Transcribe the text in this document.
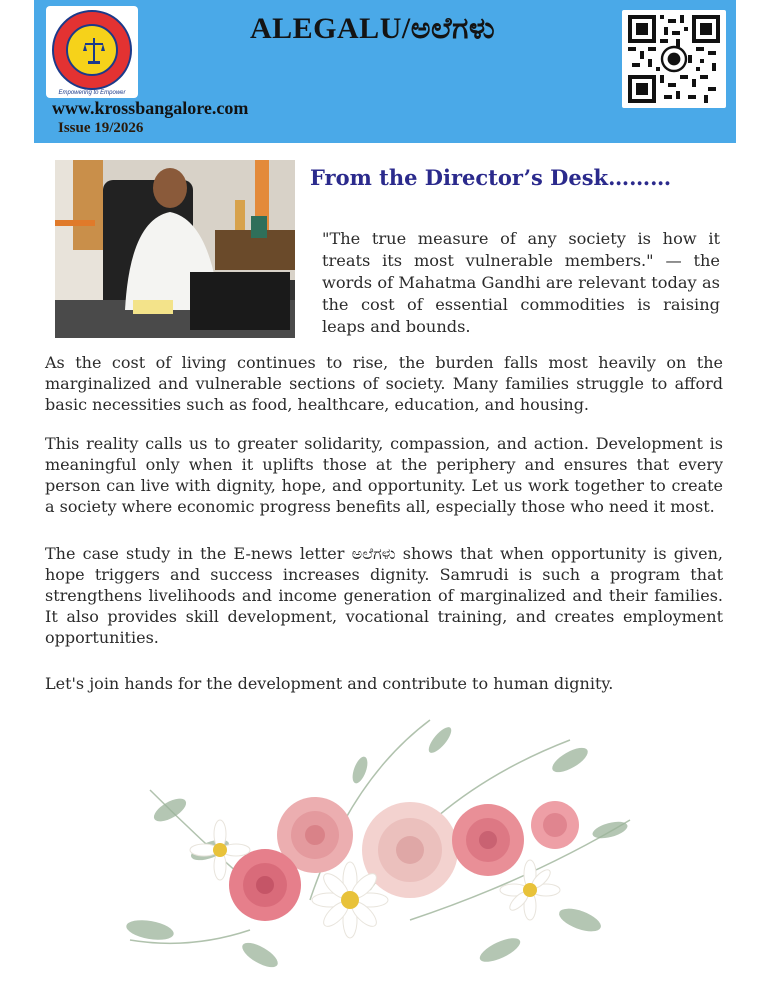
Empowering to Empower
ALEGALU/ಅಲೆಗಳು
www.krossbangalore.com
Issue 19/2026
From the Director’s Desk………
"The true measure of any society is how it treats its most vulnerable members." — the words of Mahatma Gandhi are relevant today as the cost of essential commodities is raising leaps and bounds.
As the cost of living continues to rise, the burden falls most heavily on the marginalized and vulnerable sections of society. Many families struggle to afford basic necessities such as food, healthcare, education, and housing.
This reality calls us to greater solidarity, compassion, and action. Development is meaningful only when it uplifts those at the periphery and ensures that every person can live with dignity, hope, and opportunity. Let us work together to create a society where economic progress benefits all, especially those who need it most.
The case study in the E-news letter ಅಲೆಗಳು shows that when opportunity is given, hope triggers and success increases dignity. Samrudi is such a program that strengthens livelihoods and income generation of marginalized and their families. It also provides skill development, vocational training, and creates employment opportunities.
Let's join hands for the development and contribute to human dignity.
